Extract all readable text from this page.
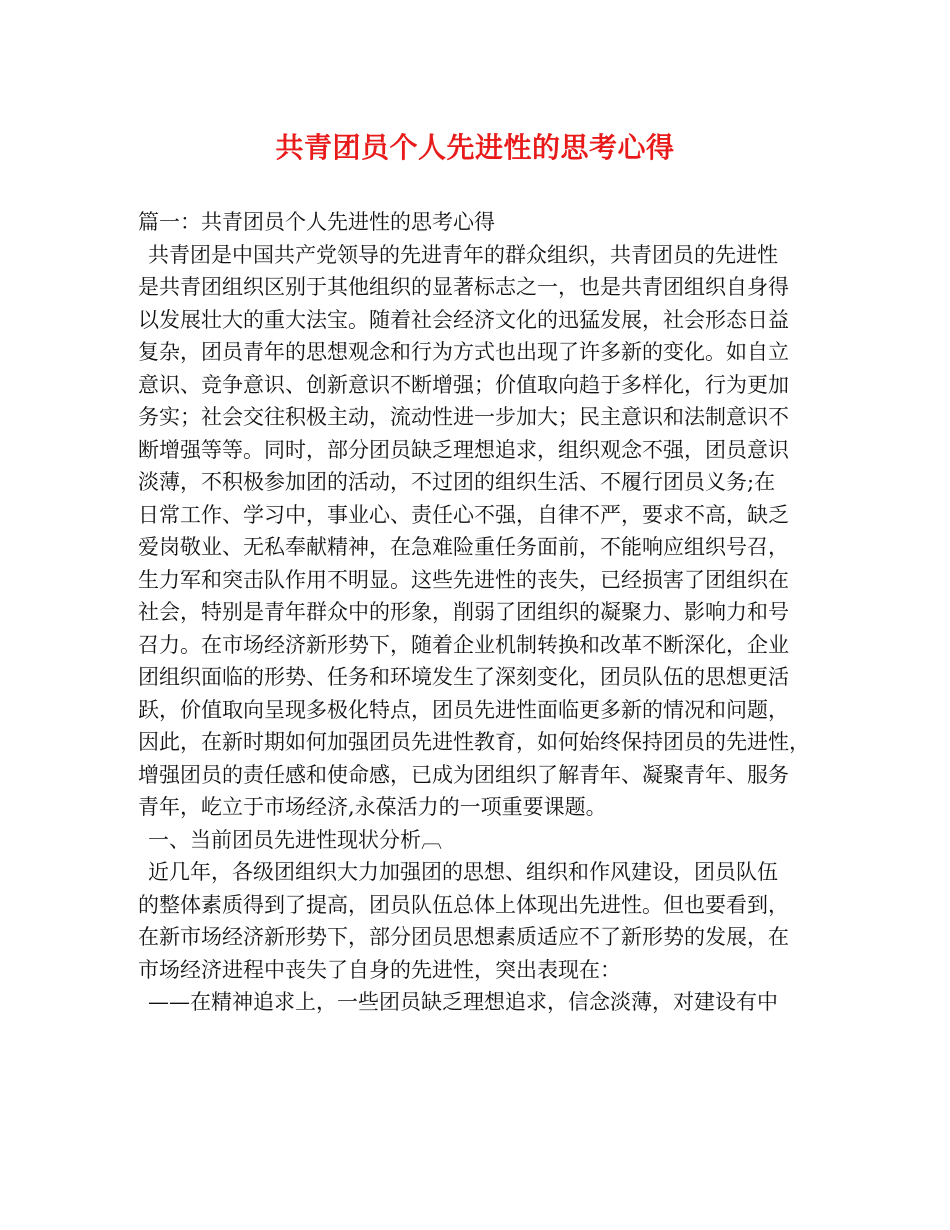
共青团员个人先进性的思考心得
篇一：共青团员个人先进性的思考心得
共青团是中国共产党领导的先进青年的群众组织，共青团员的先进性
是共青团组织区别于其他组织的显著标志之一，也是共青团组织自身得
以发展壮大的重大法宝。随着社会经济文化的迅猛发展，社会形态日益
复杂，团员青年的思想观念和行为方式也出现了许多新的变化。如自立
意识、竞争意识、创新意识不断增强；价值取向趋于多样化，行为更加
务实；社会交往积极主动，流动性进一步加大；民主意识和法制意识不
断增强等等。同时，部分团员缺乏理想追求，组织观念不强，团员意识
淡薄，不积极参加团的活动，不过团的组织生活、不履行团员义务;在
日常工作、学习中，事业心、责任心不强，自律不严，要求不高，缺乏
爱岗敬业、无私奉献精神，在急难险重任务面前，不能响应组织号召，
生力军和突击队作用不明显。这些先进性的丧失，已经损害了团组织在
社会，特别是青年群众中的形象，削弱了团组织的凝聚力、影响力和号
召力。在市场经济新形势下，随着企业机制转换和改革不断深化，企业
团组织面临的形势、任务和环境发生了深刻变化，团员队伍的思想更活
跃，价值取向呈现多极化特点，团员先进性面临更多新的情况和问题，
因此，在新时期如何加强团员先进性教育，如何始终保持团员的先进性，
增强团员的责任感和使命感，已成为团组织了解青年、凝聚青年、服务
青年，屹立于市场经济,永葆活力的一项重要课题。
一、当前团员先进性现状分析︹
近几年，各级团组织大力加强团的思想、组织和作风建设，团员队伍
的整体素质得到了提高，团员队伍总体上体现出先进性。但也要看到，
在新市场经济新形势下，部分团员思想素质适应不了新形势的发展，在
市场经济进程中丧失了自身的先进性，突出表现在：
——在精神追求上，一些团员缺乏理想追求，信念淡薄，对建设有中
